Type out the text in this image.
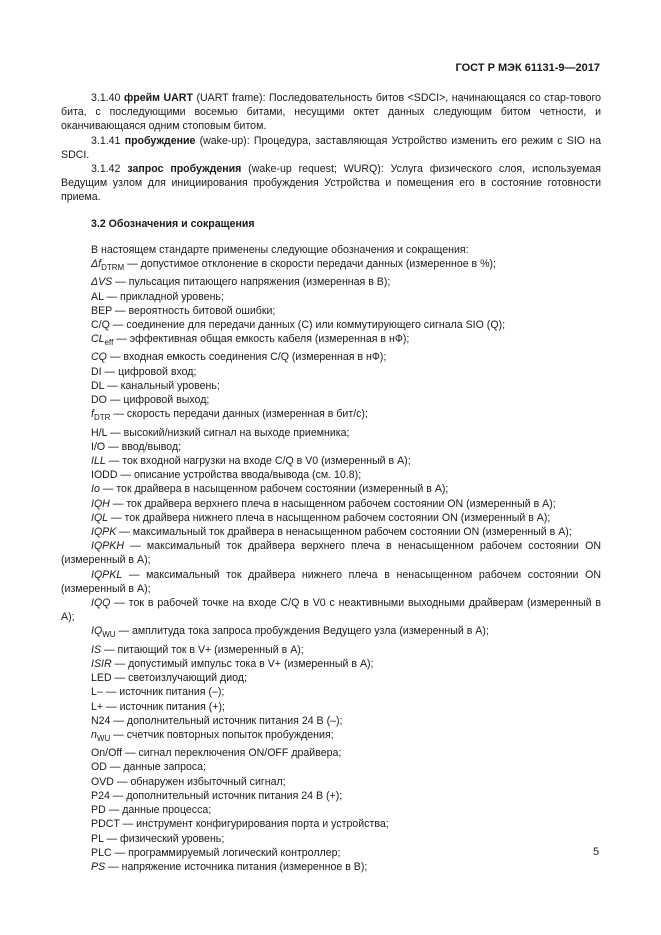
ГОСТ Р МЭК 61131-9—2017

3.1.40 фрейм UART (UART frame): Последовательность битов <SDCI>, начинающаяся со стар-тового бита, с последующими восемью битами, несущими октет данных следующим битом четности, и оканчивающаяся одним стоповым битом.

3.1.41 пробуждение (wake-up): Процедура, заставляющая Устройство изменить его режим с SIO на SDCI.

3.1.42 запрос пробуждения (wake-up request; WURQ): Услуга физического слоя, используемая Ведущим узлом для инициирования пробуждения Устройства и помещения его в состояние готовности приема.

3.2 Обозначения и сокращения

В настоящем стандарте применены следующие обозначения и сокращения:

$\Delta f_{DTRM}$ — допустимое отклонение в скорости передачи данных (измеренное в %);

ΔVS — пульсация питающего напряжения (измеренная в В);

AL — прикладной уровень;

BEP — вероятность битовой ошибки;

C/Q — соединение для передачи данных (С) или коммутирующего сигнала SIO (Q);

$CL_{eff}$ — эффективная общая емкость кабеля (измеренная в нФ);

CQ — входная емкость соединения C/Q (измеренная в нФ);

DI — цифровой вход;

DL — канальный уровень;

DO — цифровой выход;

$f_{DTR}$ — скорость передачи данных (измеренная в бит/с);

H/L — высокий/низкий сигнал на выходе приемника;

I/O — ввод/вывод;

ILL — ток входной нагрузки на входе C/Q в V0 (измеренный в А);

IODD — описание устройства ввода/вывода (см. 10.8);

Io — ток драйвера в насыщенном рабочем состоянии (измеренный в А);

IQH — ток драйвера верхнего плеча в насыщенном рабочем состоянии ON (измеренный в А);

IQL — ток драйвера нижнего плеча в насыщенном рабочем состоянии ON (измеренный в А);

IQPK — максимальный ток драйвера в ненасыщенном рабочем состоянии ON (измеренный в А);

IQPKH — максимальный ток драйвера верхнего плеча в ненасыщенном рабочем состоянии ON (измеренный в А);

IQPKL — максимальный ток драйвера нижнего плеча в ненасыщенном рабочем состоянии ON (измеренный в А);

IQQ — ток в рабочей точке на входе C/Q в V0 с неактивными выходными драйверам (измеренный в А);

$IQ_{WU}$ — амплитуда тока запроса пробуждения Ведущего узла (измеренный в А);

IS — питающий ток в V+ (измеренный в А);

ISIR — допустимый импульс тока в V+ (измеренный в А);

LED — светоизлучающий диод;

L– — источник питания (–);

L+ — источник питания (+);

N24 — дополнительный источник питания 24 В (–);

$n_{WU}$ — счетчик повторных попыток пробуждения;

On/Off — сигнал переключения ON/OFF драйвера;

OD — данные запроса;

OVD — обнаружен избыточный сигнал;

P24 — дополнительный источник питания 24 В (+);

PD — данные процесса;

PDCT — инструмент конфигурирования порта и устройства;

PL — физический уровень;

PLC — программируемый логический контроллер;

PS — напряжение источника питания (измеренное в В);

5
